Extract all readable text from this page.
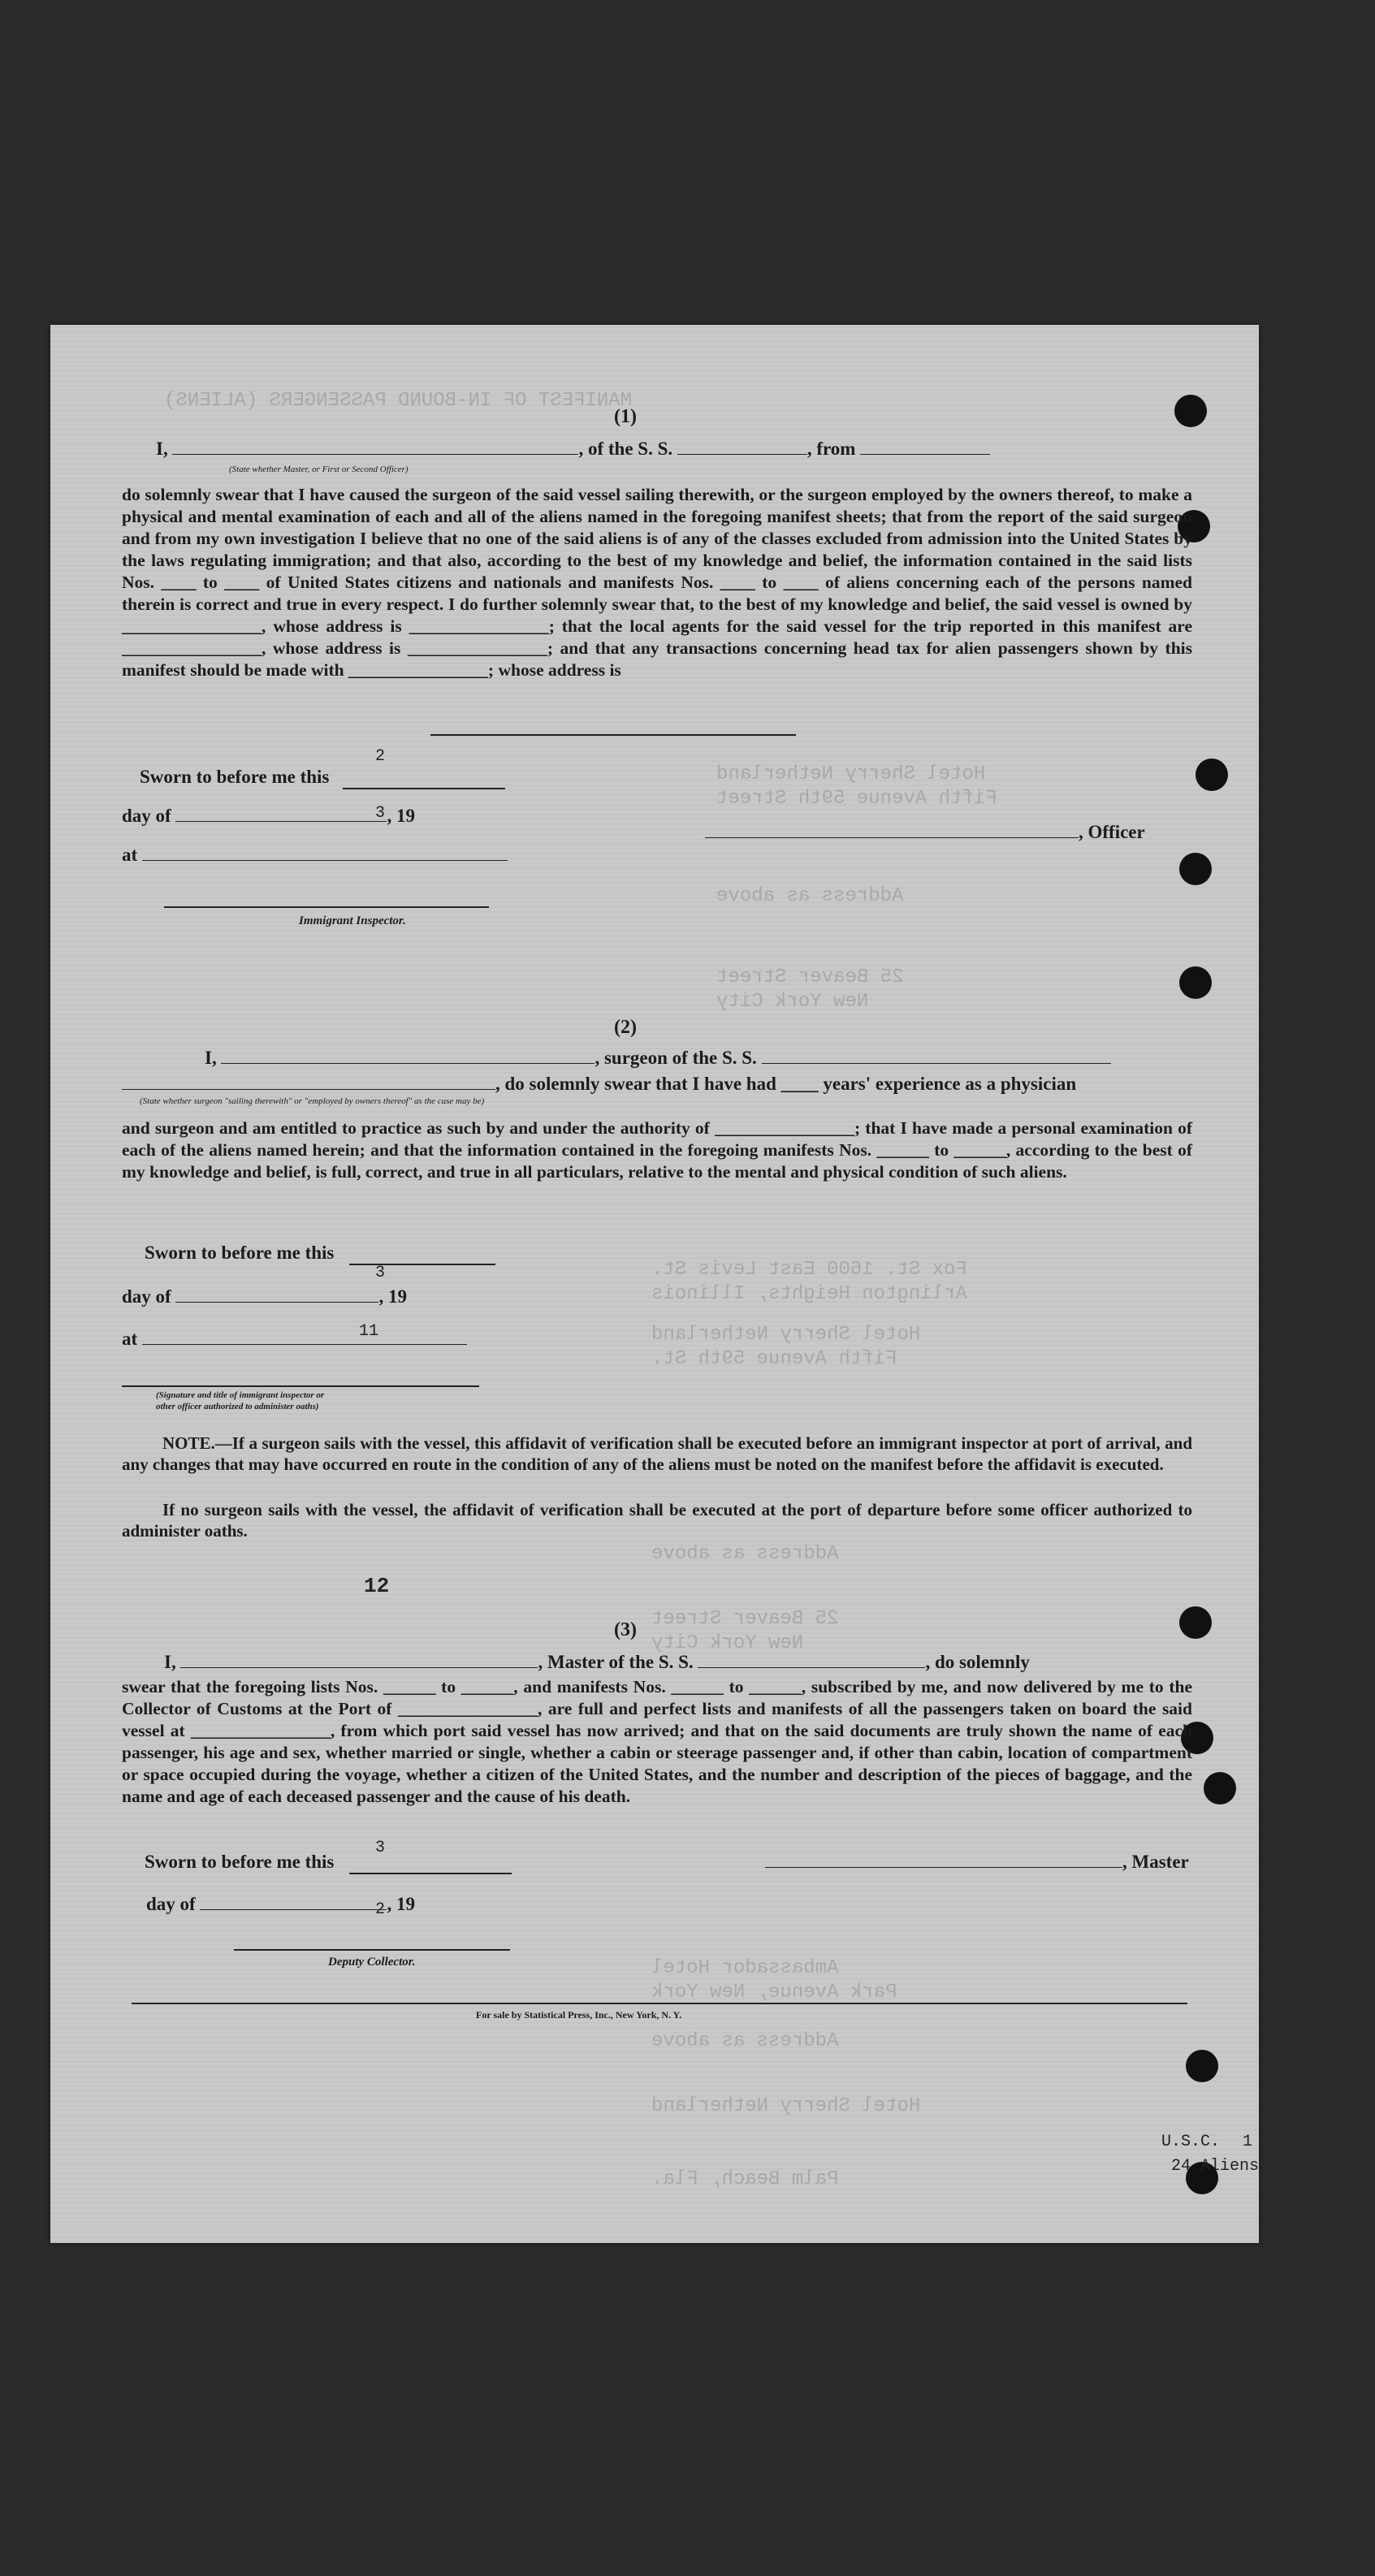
MANIFEST OF IN-BOUND PASSENGERS (ALIENS)
Hotel Sherry Netherland
Fifth Avenue 59th Street
Address as above
25 Beaver Street
New York City
Fox St. 1600 East Levis St.
Arlington Heights, Illinois
Hotel Sherry Netherland
Fifth Avenue 59th St.
Address as above
25 Beaver Street
New York City
Ambassador Hotel
Park Avenue, New York
Address as above
Hotel Sherry Netherland
Palm Beach, Fla.
(1)
I,	, of the S. S.	, from
(State whether Master, or First or Second Officer)
do solemnly swear that I have caused the surgeon of the said vessel sailing therewith, or the surgeon employed by the owners thereof, to make a physical and mental examination of each and all of the aliens named in the foregoing manifest sheets; that from the report of the said surgeon and from my own investigation I believe that no one of the said aliens is of any of the classes excluded from admission into the United States by the laws regulating immigration; and that also, according to the best of my knowledge and belief, the information contained in the said lists Nos. ____ to ____ of United States citizens and nationals and manifests Nos. ____ to ____ of aliens concerning each of the persons named therein is correct and true in every respect. I do further solemnly swear that, to the best of my knowledge and belief, the said vessel is owned by ________________, whose address is ________________; that the local agents for the said vessel for the trip reported in this manifest are ________________, whose address is ________________; and that any transactions concerning head tax for alien passengers shown by this manifest should be made with ________________; whose address is
Sworn to before me this
2
day of	, 19
3
at
, Officer
Immigrant Inspector.
(2)
I,	, surgeon of the S. S.
, do solemnly swear that I have had ____ years' experience as a physician
(State whether surgeon "sailing therewith" or "employed by owners thereof" as the case may be)
and surgeon and am entitled to practice as such by and under the authority of ________________; that I have made a personal examination of each of the aliens named herein; and that the information contained in the foregoing manifests Nos. ______ to ______, according to the best of my knowledge and belief, is full, correct, and true in all particulars, relative to the mental and physical condition of such aliens.
Sworn to before me this
3
day of	, 19
at	11
(Signature and title of immigrant inspector or
other officer authorized to administer oaths)
NOTE.—If a surgeon sails with the vessel, this affidavit of verification shall be executed before an immigrant inspector at port of arrival, and any changes that may have occurred en route in the condition of any of the aliens must be noted on the manifest before the affidavit is executed.
If no surgeon sails with the vessel, the affidavit of verification shall be executed at the port of departure before some officer authorized to administer oaths.
12
(3)
I,	, Master of the S. S.	, do solemnly
swear that the foregoing lists Nos. ______ to ______, and manifests Nos. ______ to ______, subscribed by me, and now delivered by me to the Collector of Customs at the Port of ________________, are full and perfect lists and manifests of all the passengers taken on board the said vessel at ________________, from which port said vessel has now arrived; and that on the said documents are truly shown the name of each passenger, his age and sex, whether married or single, whether a cabin or steerage passenger and, if other than cabin, location of compartment or space occupied during the voyage, whether a citizen of the United States, and the number and description of the pieces of baggage, and the name and age of each deceased passenger and the cause of his death.
Sworn to before me this
3
day of	, 19
2
, Master
Deputy Collector.
For sale by Statistical Press, Inc., New York, N. Y.
1
U.S.C.
24 Aliens
